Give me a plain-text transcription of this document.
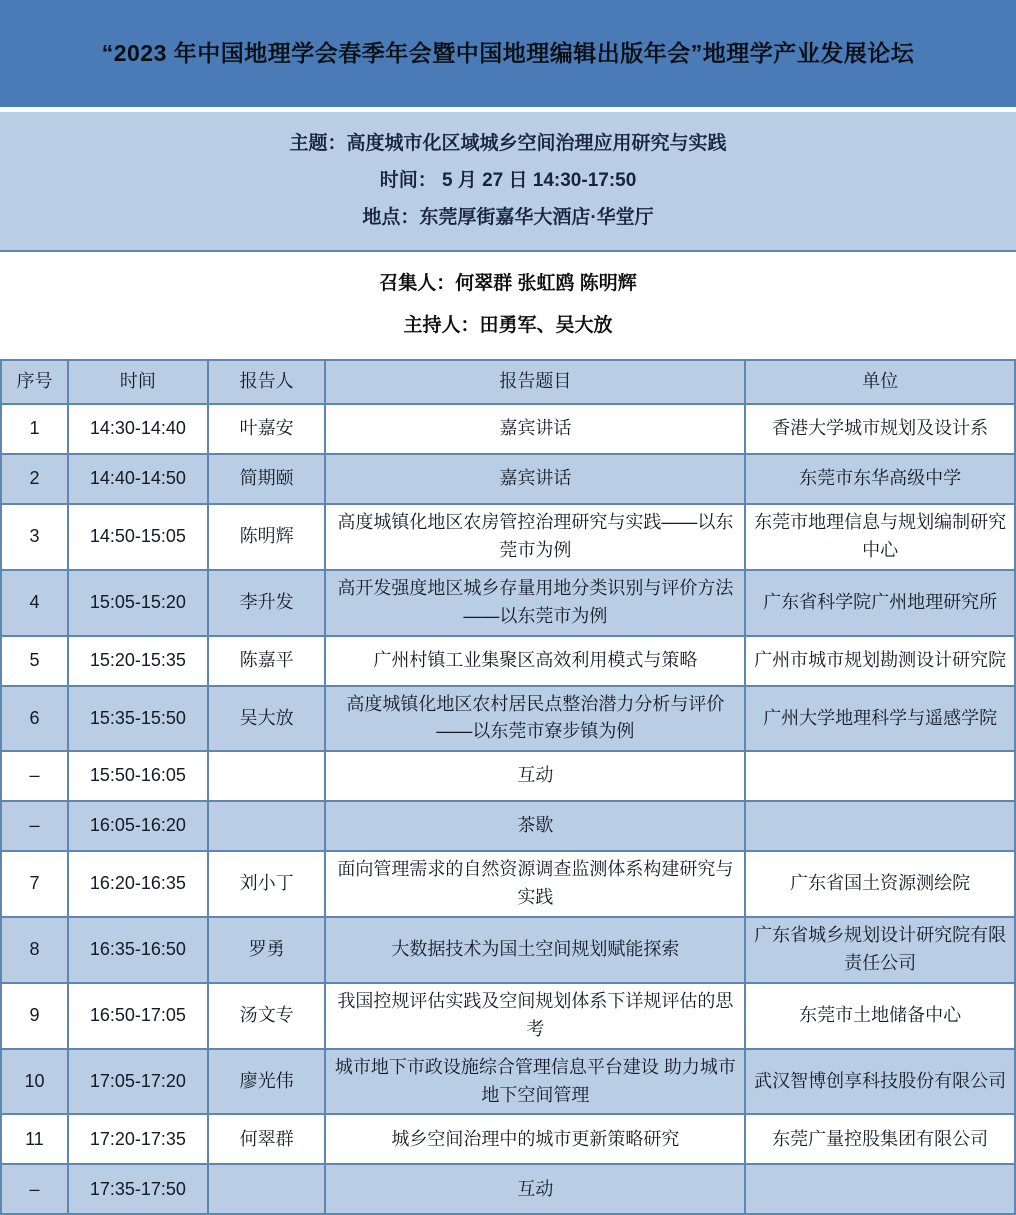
“2023 年中国地理学会春季年会暨中国地理编辑出版年会”地理学产业发展论坛
主题：高度城市化区域城乡空间治理应用研究与实践
时间： 5 月 27 日 14:30-17:50
地点：东莞厚街嘉华大酒店·华堂厅
召集人：何翠群 张虹鸥 陈明辉
主持人：田勇军、吴大放
序号	时间	报告人	报告题目	单位
1	14:30-14:40	叶嘉安	嘉宾讲话	香港大学城市规划及设计系
2	14:40-14:50	简期颐	嘉宾讲话	东莞市东华高级中学
3	14:50-15:05	陈明辉	高度城镇化地区农房管控治理研究与实践——以东莞市为例	东莞市地理信息与规划编制研究中心
4	15:05-15:20	李升发	高开发强度地区城乡存量用地分类识别与评价方法——以东莞市为例	广东省科学院广州地理研究所
5	15:20-15:35	陈嘉平	广州村镇工业集聚区高效利用模式与策略	广州市城市规划勘测设计研究院
6	15:35-15:50	吴大放	高度城镇化地区农村居民点整治潜力分析与评价——以东莞市寮步镇为例	广州大学地理科学与遥感学院
–	15:50-16:05		互动	
–	16:05-16:20		茶歇	
7	16:20-16:35	刘小丁	面向管理需求的自然资源调查监测体系构建研究与实践	广东省国土资源测绘院
8	16:35-16:50	罗勇	大数据技术为国土空间规划赋能探索	广东省城乡规划设计研究院有限责任公司
9	16:50-17:05	汤文专	我国控规评估实践及空间规划体系下详规评估的思考	东莞市土地储备中心
10	17:05-17:20	廖光伟	城市地下市政设施综合管理信息平台建设 助力城市地下空间管理	武汉智博创享科技股份有限公司
11	17:20-17:35	何翠群	城乡空间治理中的城市更新策略研究	东莞广量控股集团有限公司
–	17:35-17:50		互动	
